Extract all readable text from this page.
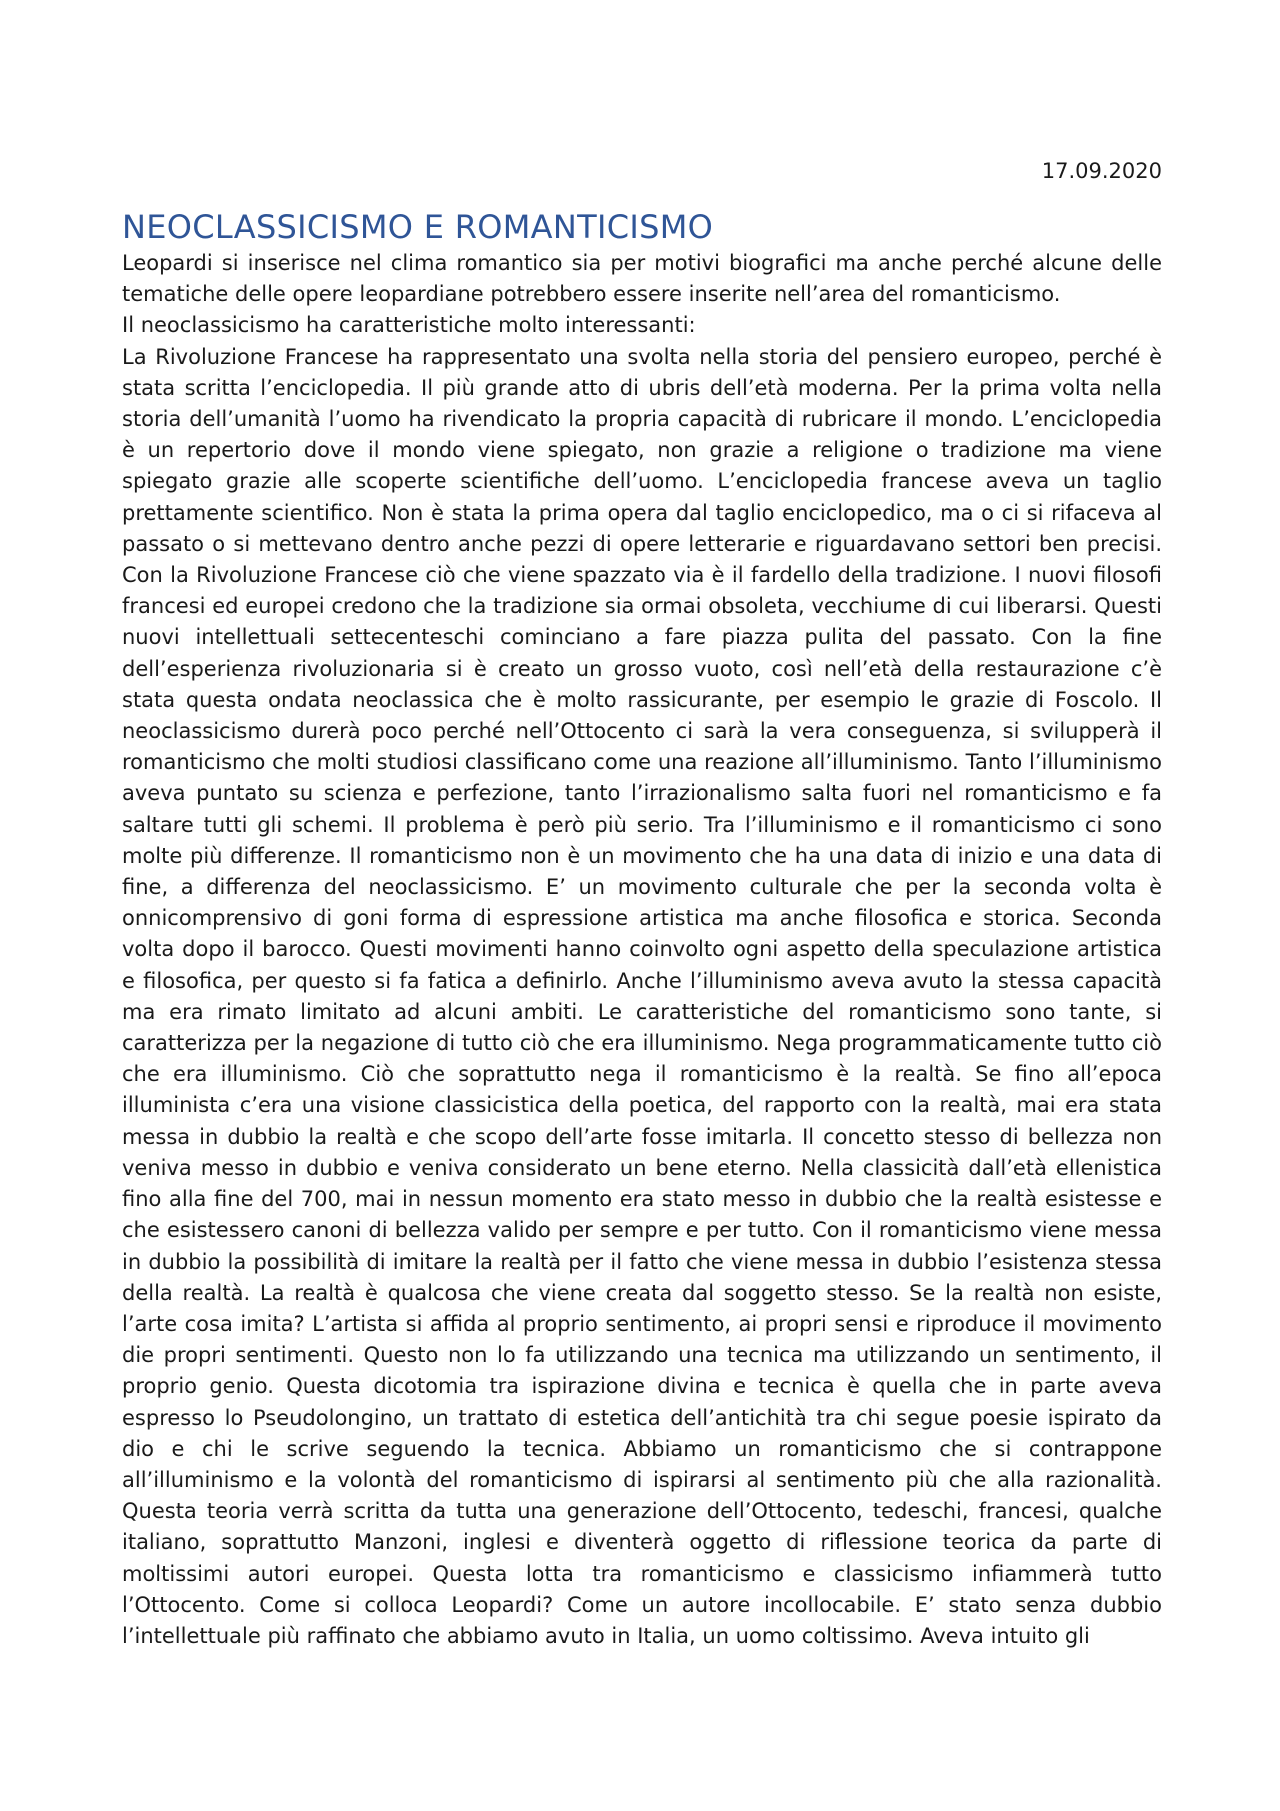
17.09.2020
NEOCLASSICISMO E ROMANTICISMO

Leopardi si inserisce nel clima romantico sia per motivi biografici ma anche perché alcune delle tematiche delle opere leopardiane potrebbero essere inserite nell’area del romanticismo.

Il neoclassicismo ha caratteristiche molto interessanti:

La Rivoluzione Francese ha rappresentato una svolta nella storia del pensiero europeo, perché è stata scritta l’enciclopedia. Il più grande atto di ubris dell’età moderna. Per la prima volta nella storia dell’umanità l’uomo ha rivendicato la propria capacità di rubricare il mondo. L’enciclopedia è un repertorio dove il mondo viene spiegato, non grazie a religione o tradizione ma viene spiegato grazie alle scoperte scientifiche dell’uomo. L’enciclopedia francese aveva un taglio prettamente scientifico. Non è stata la prima opera dal taglio enciclopedico, ma o ci si rifaceva al passato o si mettevano dentro anche pezzi di opere letterarie e riguardavano settori ben precisi. Con la Rivoluzione Francese ciò che viene spazzato via è il fardello della tradizione. I nuovi filosofi francesi ed europei credono che la tradizione sia ormai obsoleta, vecchiume di cui liberarsi. Questi nuovi intellettuali settecenteschi cominciano a fare piazza pulita del passato. Con la fine dell’esperienza rivoluzionaria si è creato un grosso vuoto, così nell’età della restaurazione c’è stata questa ondata neoclassica che è molto rassicurante, per esempio le grazie di Foscolo. Il neoclassicismo durerà poco perché nell’Ottocento ci sarà la vera conseguenza, si svilupperà il romanticismo che molti studiosi classificano come una reazione all’illuminismo. Tanto l’illuminismo aveva puntato su scienza e perfezione, tanto l’irrazionalismo salta fuori nel romanticismo e fa saltare tutti gli schemi. Il problema è però più serio. Tra l’illuminismo e il romanticismo ci sono molte più differenze. Il romanticismo non è un movimento che ha una data di inizio e una data di fine, a differenza del neoclassicismo. E’ un movimento culturale che per la seconda volta è onnicomprensivo di goni forma di espressione artistica ma anche filosofica e storica. Seconda volta dopo il barocco. Questi movimenti hanno coinvolto ogni aspetto della speculazione artistica e filosofica, per questo si fa fatica a definirlo. Anche l’illuminismo aveva avuto la stessa capacità ma era rimato limitato ad alcuni ambiti. Le caratteristiche del romanticismo sono tante, si caratterizza per la negazione di tutto ciò che era illuminismo. Nega programmaticamente tutto ciò che era illuminismo. Ciò che soprattutto nega il romanticismo è la realtà. Se fino all’epoca illuminista c’era una visione classicistica della poetica, del rapporto con la realtà, mai era stata messa in dubbio la realtà e che scopo dell’arte fosse imitarla. Il concetto stesso di bellezza non veniva messo in dubbio e veniva considerato un bene eterno. Nella classicità dall’età ellenistica fino alla fine del 700, mai in nessun momento era stato messo in dubbio che la realtà esistesse e che esistessero canoni di bellezza valido per sempre e per tutto. Con il romanticismo viene messa in dubbio la possibilità di imitare la realtà per il fatto che viene messa in dubbio l’esistenza stessa della realtà. La realtà è qualcosa che viene creata dal soggetto stesso. Se la realtà non esiste, l’arte cosa imita? L’artista si affida al proprio sentimento, ai propri sensi e riproduce il movimento die propri sentimenti. Questo non lo fa utilizzando una tecnica ma utilizzando un sentimento, il proprio genio. Questa dicotomia tra ispirazione divina e tecnica è quella che in parte aveva espresso lo Pseudolongino, un trattato di estetica dell’antichità tra chi segue poesie ispirato da dio e chi le scrive seguendo la tecnica. Abbiamo un romanticismo che si contrappone all’illuminismo e la volontà del romanticismo di ispirarsi al sentimento più che alla razionalità. Questa teoria verrà scritta da tutta una generazione dell’Ottocento, tedeschi, francesi, qualche italiano, soprattutto Manzoni, inglesi e diventerà oggetto di riflessione teorica da parte di moltissimi autori europei. Questa lotta tra romanticismo e classicismo infiammerà tutto l’Ottocento. Come si colloca Leopardi? Come un autore incollocabile. E’ stato senza dubbio l’intellettuale più raffinato che abbiamo avuto in Italia, un uomo coltissimo. Aveva intuito gli
